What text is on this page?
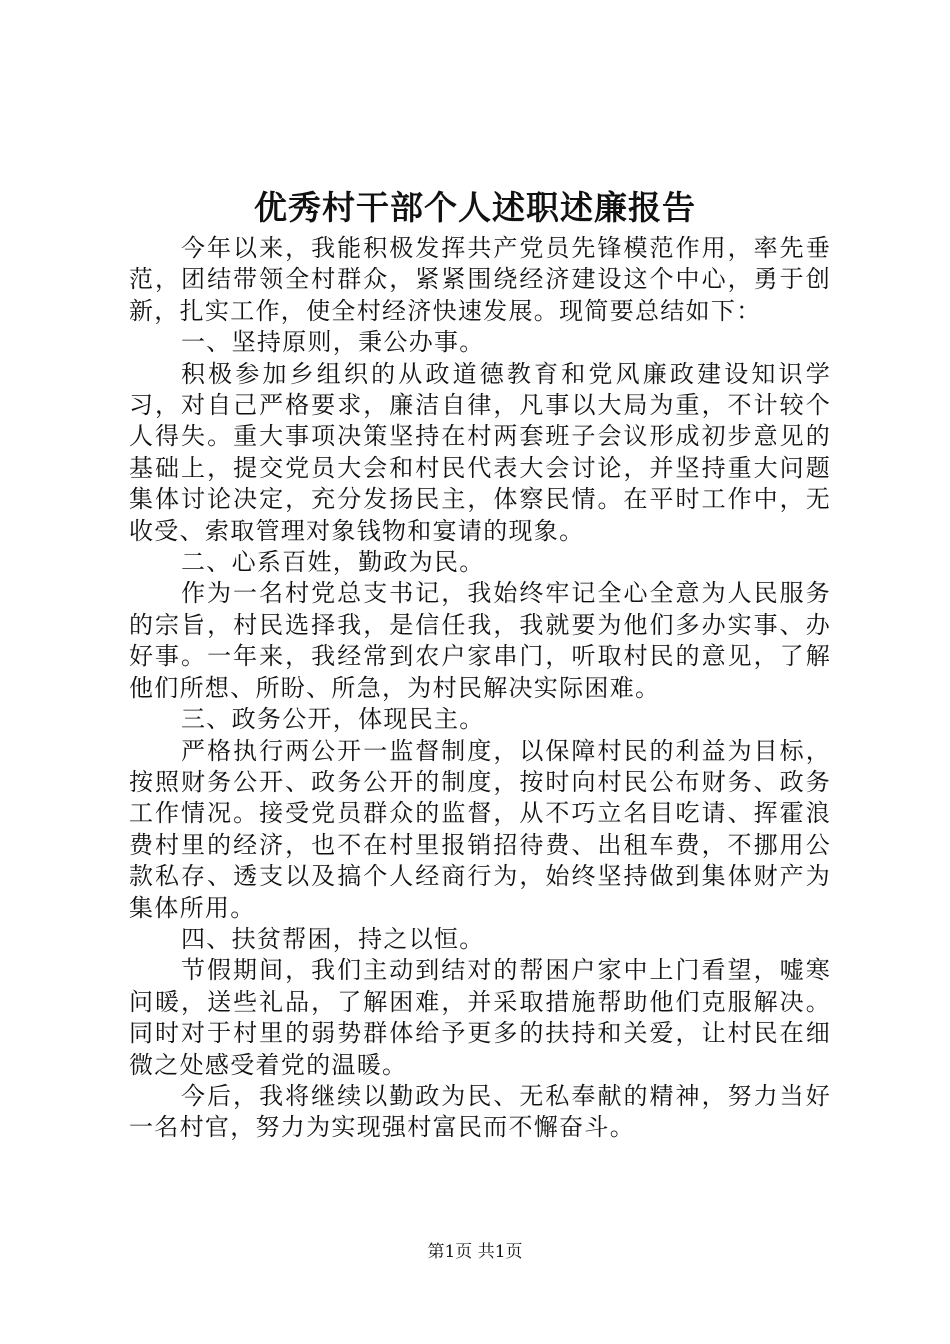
优秀村干部个人述职述廉报告

今年以来，我能积极发挥共产党员先锋模范作用，率先垂范，团结带领全村群众，紧紧围绕经济建设这个中心，勇于创新，扎实工作，使全村经济快速发展。现简要总结如下：

一、坚持原则，秉公办事。

积极参加乡组织的从政道德教育和党风廉政建设知识学习，对自己严格要求，廉洁自律，凡事以大局为重，不计较个人得失。重大事项决策坚持在村两套班子会议形成初步意见的基础上，提交党员大会和村民代表大会讨论，并坚持重大问题集体讨论决定，充分发扬民主，体察民情。在平时工作中，无收受、索取管理对象钱物和宴请的现象。

二、心系百姓，勤政为民。

作为一名村党总支书记，我始终牢记全心全意为人民服务的宗旨，村民选择我，是信任我，我就要为他们多办实事、办好事。一年来，我经常到农户家串门，听取村民的意见，了解他们所想、所盼、所急，为村民解决实际困难。

三、政务公开，体现民主。

严格执行两公开一监督制度，以保障村民的利益为目标，按照财务公开、政务公开的制度，按时向村民公布财务、政务工作情况。接受党员群众的监督，从不巧立名目吃请、挥霍浪费村里的经济，也不在村里报销招待费、出租车费，不挪用公款私存、透支以及搞个人经商行为，始终坚持做到集体财产为集体所用。

四、扶贫帮困，持之以恒。

节假期间，我们主动到结对的帮困户家中上门看望，嘘寒问暖，送些礼品，了解困难，并采取措施帮助他们克服解决。同时对于村里的弱势群体给予更多的扶持和关爱，让村民在细微之处感受着党的温暖。

今后，我将继续以勤政为民、无私奉献的精神，努力当好一名村官，努力为实现强村富民而不懈奋斗。

第1页 共1页
